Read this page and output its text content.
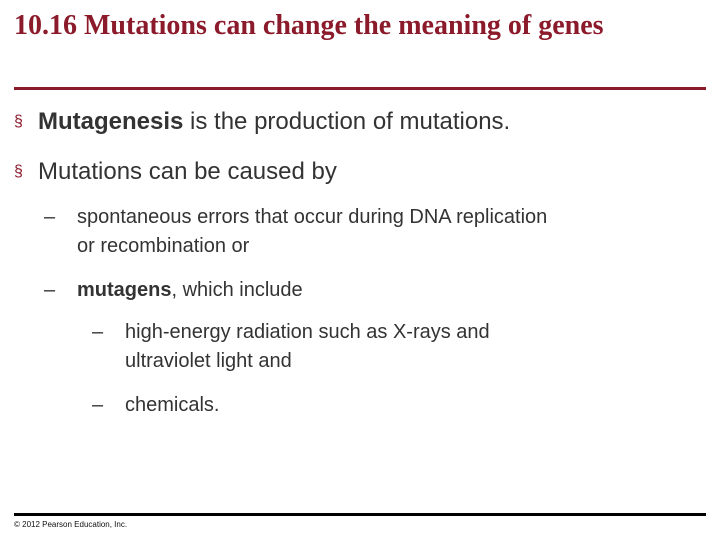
10.16 Mutations can change the meaning of genes
§ Mutagenesis is the production of mutations.
§ Mutations can be caused by
– spontaneous errors that occur during DNA replication
or recombination or
– mutagens, which include
– high-energy radiation such as X-rays and
ultraviolet light and
– chemicals.
© 2012 Pearson Education, Inc.
